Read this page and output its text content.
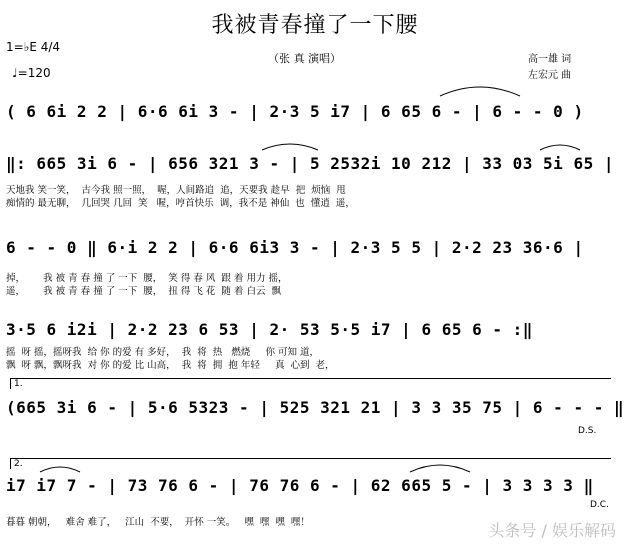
我被青春撞了一下腰
（张 真 演唱）	高一雄 词
左宏元 曲
1=♭E 4/4
♩=120
( 6 6i 2 2 | 6·6 6i 3 - | 2·3 5 i7 | 6 65 6 - | 6 - - 0 )
‖: 665 3i 6 - | 656 321 3 - | 5 2532i 10 212 | 33 03 5i 65 |
天地我 笑一笑，  古今我 照一照，  喔，人间路追  追，天要我 趁早  把  烦恼  甩
痴情的 最无聊，  几回哭 几回  笑   喔，哼首快乐  调，我不是 神仙  也  懂逍  遥，
6 - - 0 ‖ 6·i 2 2 | 6·6 6i3 3 - | 2·3 5 5 | 2·2 23 36·6 |
掉，      我 被 青 春 撞 了 一下  腰，  笑 得 春 风  跟 着 用力 摇，
遥，      我 被 青 春 撞 了 一下  腰，  扭 得 飞 花  随 着 白云  飘
3·5 6 i2i | 2·2 23 6 53 | 2· 53 5·5 i7 | 6 65 6 - :‖
摇  呀 摇，摇呀我  给 你 的爱 有 多好，  我  将  热   燃烧     你 可知 道，
飘  呀 飘，飘呀我  对 你 的爱 比 山高，  我  将  拥  抱 年轻     真  心到  老，
1.
(665 3i 6 - | 5·6 5323 - | 525 321 21 | 3 3 35 75 | 6 - - - ‖
D.S.
2.
i7 i7 7 - | 73 76 6 - | 76 76 6 - | 62 665 5 - | 3 3 3 3 ‖
暮暮 朝朝，   难舍 难了，   江山  不要，  开怀 一笑。   嘿  嘿  嘿  嘿！
D.C.
头条号 / 娱乐解码
